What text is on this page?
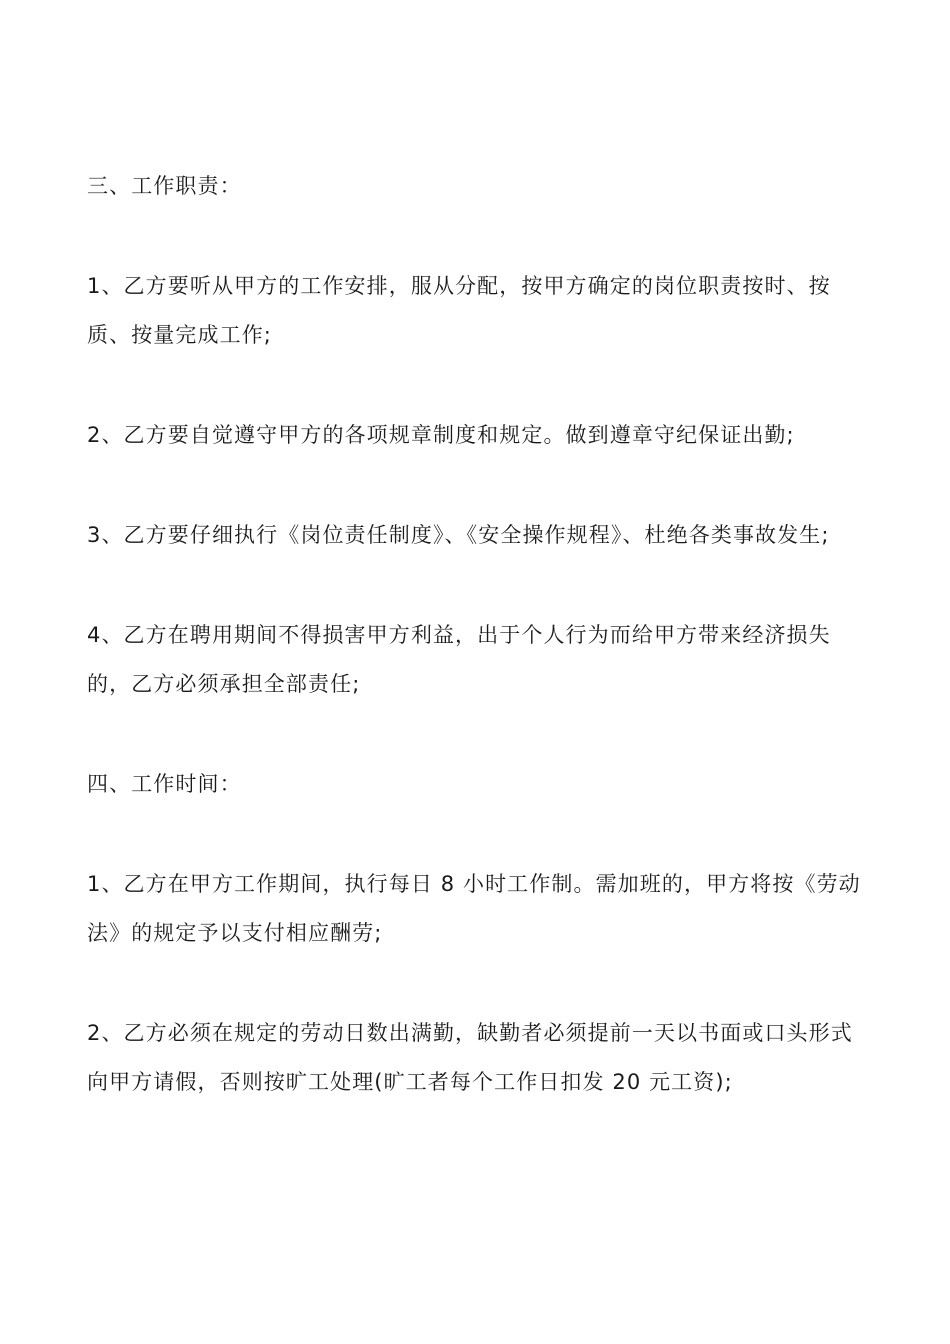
三、工作职责：

1、乙方要听从甲方的工作安排，服从分配，按甲方确定的岗位职责按时、按质、按量完成工作;

2、乙方要自觉遵守甲方的各项规章制度和规定。做到遵章守纪保证出勤;

3、乙方要仔细执行《岗位责任制度》、《安全操作规程》、杜绝各类事故发生;

4、乙方在聘用期间不得损害甲方利益，出于个人行为而给甲方带来经济损失的，乙方必须承担全部责任;

四、工作时间：

1、乙方在甲方工作期间，执行每日 8 小时工作制。需加班的，甲方将按《劳动法》的规定予以支付相应酬劳;

2、乙方必须在规定的劳动日数出满勤，缺勤者必须提前一天以书面或口头形式向甲方请假，否则按旷工处理(旷工者每个工作日扣发 20 元工资);
